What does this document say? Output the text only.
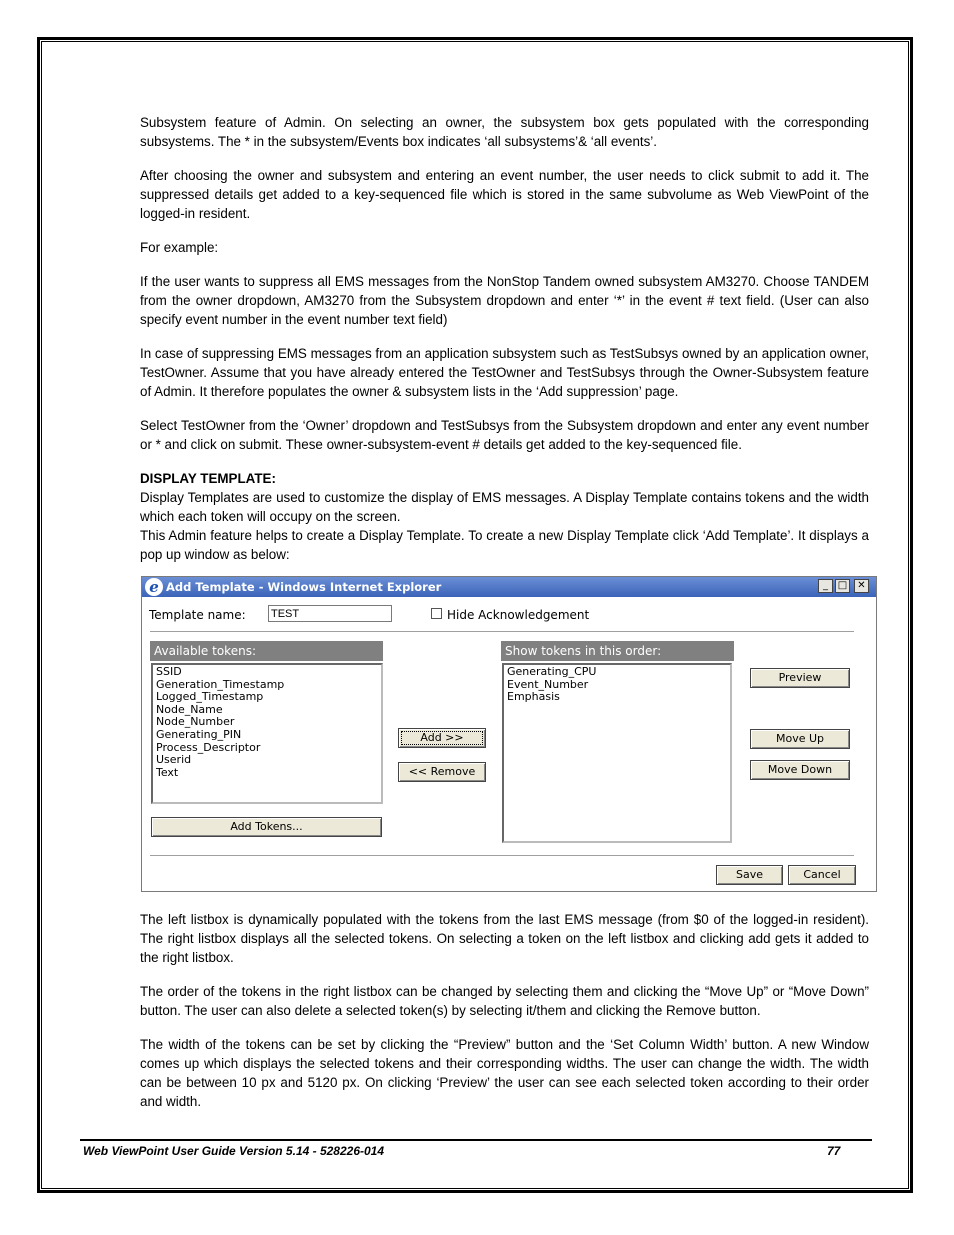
Subsystem feature of Admin. On selecting an owner, the subsystem box gets populated with the corresponding subsystems. The * in the subsystem/Events box indicates ‘all subsystems’& ‘all events’.

After choosing the owner and subsystem and entering an event number, the user needs to click submit to add it. The suppressed details get added to a key-sequenced file which is stored in the same subvolume as Web ViewPoint of the logged-in resident.

For example:

If the user wants to suppress all EMS messages from the NonStop Tandem owned subsystem AM3270. Choose TANDEM from the owner dropdown, AM3270 from the Subsystem dropdown and enter ‘*’ in the event # text field. (User can also specify event number in the event number text field)

In case of suppressing EMS messages from an application subsystem such as TestSubsys owned by an application owner, TestOwner. Assume that you have already entered the TestOwner and TestSubsys through the Owner-Subsystem feature of Admin. It therefore populates the owner & subsystem lists in the ‘Add suppression’ page.

Select TestOwner from the ‘Owner’ dropdown and TestSubsys from the Subsystem dropdown and enter any event number or * and click on submit. These owner-subsystem-event # details get added to the key-sequenced file.

DISPLAY TEMPLATE:

Display Templates are used to customize the display of EMS messages. A Display Template contains tokens and the width which each token will occupy on the screen.

This Admin feature helps to create a Display Template. To create a new Display Template click ‘Add Template’. It displays a pop up window as below:

e Add Template - Windows Internet Explorer	_ □	✕
Template name:
TEST	Hide Acknowledgement
Available tokens:
SSID
Generation_Timestamp
Logged_Timestamp
Node_Name
Node_Number
Generating_PIN
Process_Descriptor
Userid
Text
Add Tokens...
Add >>
<< Remove
Show tokens in this order:
Generating_CPU
Event_Number
Emphasis
Preview
Move Up
Move Down
Save	Cancel

The left listbox is dynamically populated with the tokens from the last EMS message (from $0 of the logged-in resident). The right listbox displays all the selected tokens. On selecting a token on the left listbox and clicking add gets it added to the right listbox.

The order of the tokens in the right listbox can be changed by selecting them and clicking the “Move Up” or “Move Down” button. The user can also delete a selected token(s) by selecting it/them and clicking the Remove button.

The width of the tokens can be set by clicking the “Preview” button and the ‘Set Column Width’ button. A new Window comes up which displays the selected tokens and their corresponding widths. The user can change the width. The width can be between 10 px and 5120 px. On clicking ‘Preview’ the user can see each selected token according to their order and width.

Web ViewPoint User Guide Version 5.14 - 528226-014	77
